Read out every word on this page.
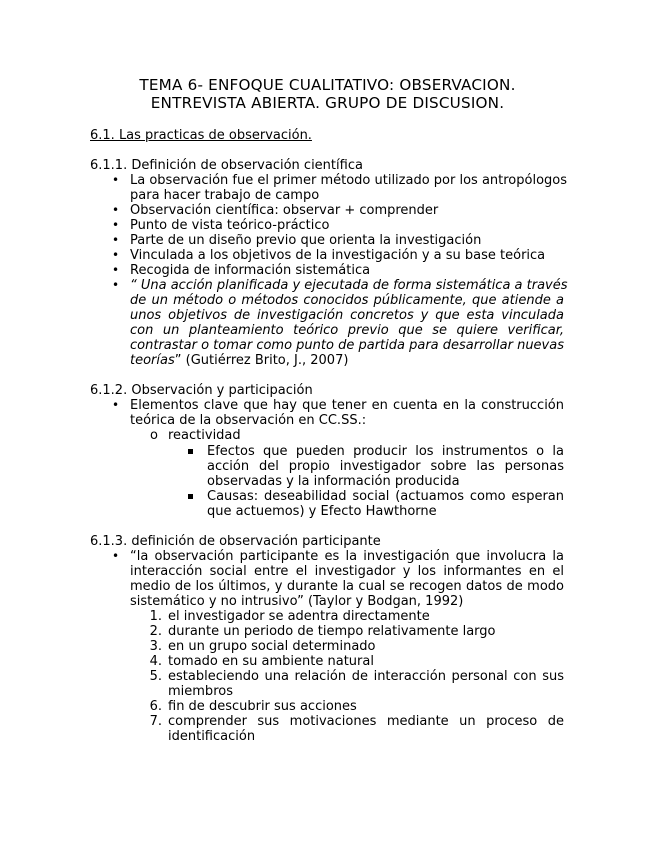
TEMA 6- ENFOQUE CUALITATIVO: OBSERVACION.
ENTREVISTA ABIERTA. GRUPO DE DISCUSION.
6.1. Las practicas de observación.
6.1.1. Definición de observación científica
• La observación fue el primer método utilizado por los antropólogos
para hacer trabajo de campo
• Observación científica: observar + comprender
• Punto de vista teórico-práctico
• Parte de un diseño previo que orienta la investigación
• Vinculada a los objetivos de la investigación y a su base teórica
• Recogida de información sistemática
• “ Una acción planificada y ejecutada de forma sistemática a través
de un método o métodos conocidos públicamente, que atiende a
unos objetivos de investigación concretos y que esta vinculada
con un planteamiento teórico previo que se quiere verificar,
contrastar o tomar como punto de partida para desarrollar nuevas
teorías” (Gutiérrez Brito, J., 2007)
6.1.2. Observación y participación
• Elementos clave que hay que tener en cuenta en la construcción
teórica de la observación en CC.SS.:
o reactividad
Efectos que pueden producir los instrumentos o la
acción del propio investigador sobre las personas
observadas y la información producida
Causas: deseabilidad social (actuamos como esperan
que actuemos) y Efecto Hawthorne
6.1.3. definición de observación participante
• “la observación participante es la investigación que involucra la
interacción social entre el investigador y los informantes en el
medio de los últimos, y durante la cual se recogen datos de modo
sistemático y no intrusivo” (Taylor y Bodgan, 1992)
1. el investigador se adentra directamente
2. durante un periodo de tiempo relativamente largo
3. en un grupo social determinado
4. tomado en su ambiente natural
5. estableciendo una relación de interacción personal con sus
miembros
6. fin de descubrir sus acciones
7. comprender sus motivaciones mediante un proceso de
identificación
